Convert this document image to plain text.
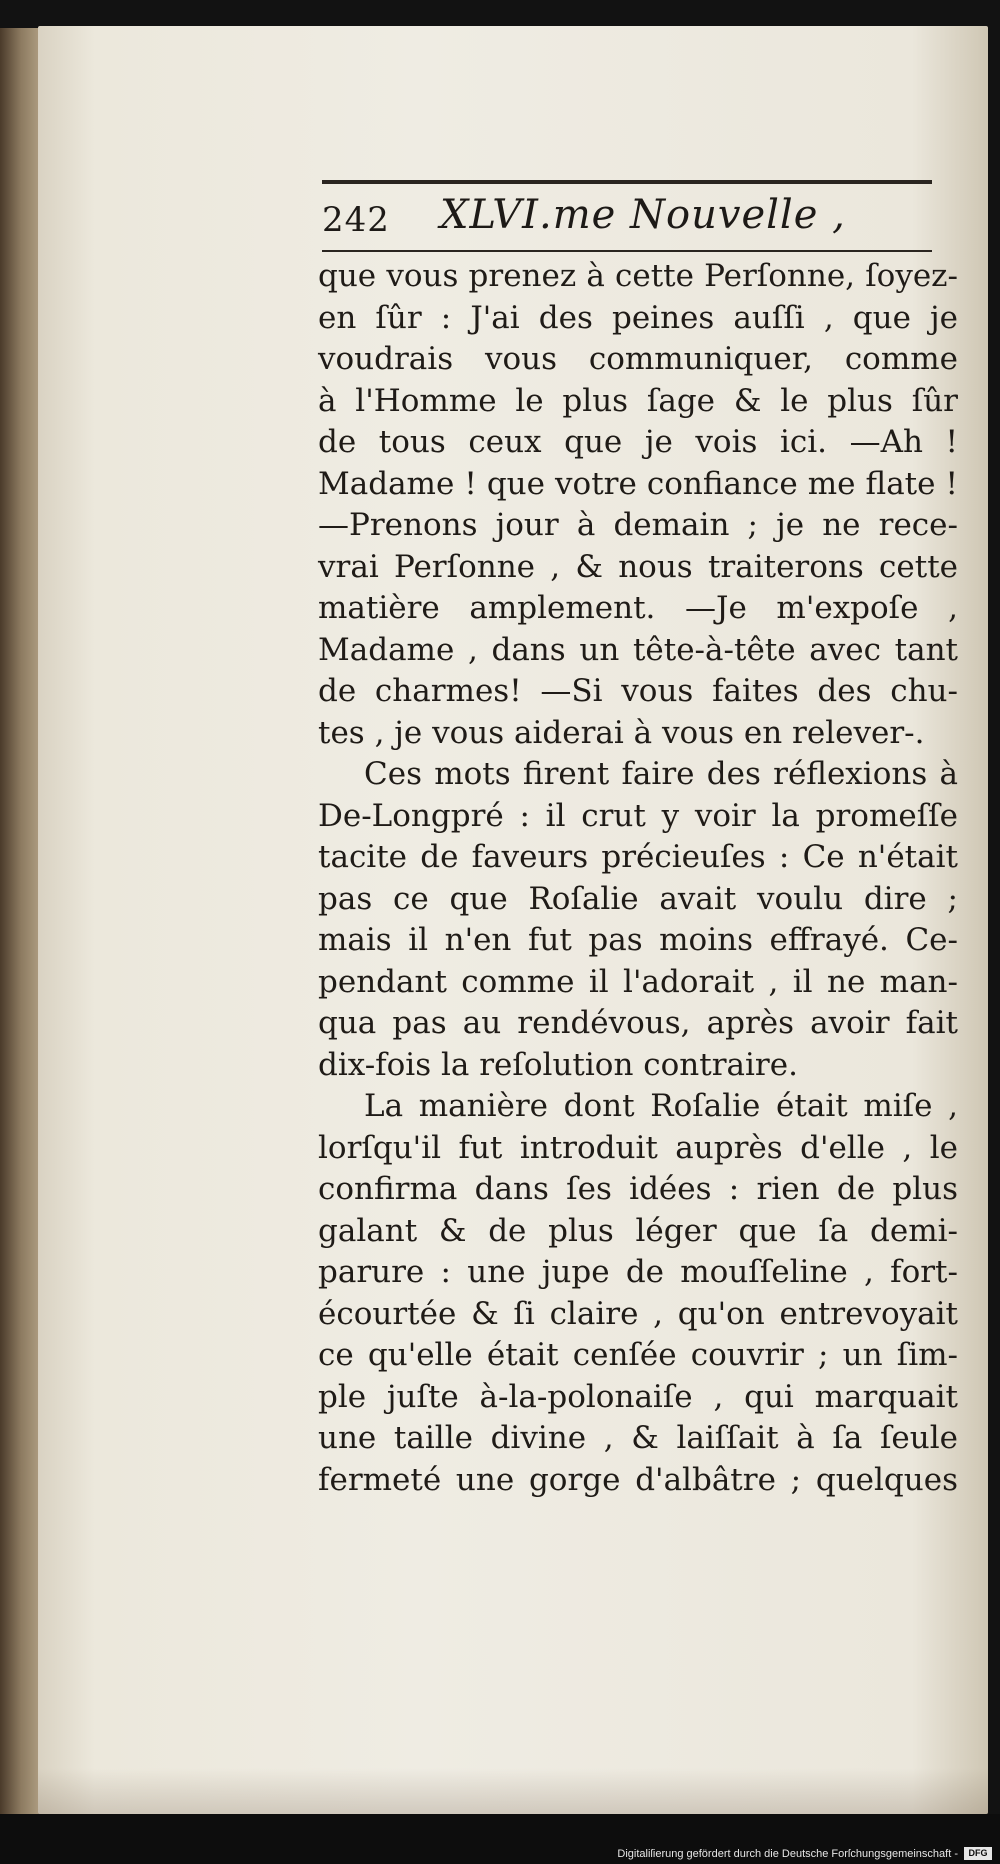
242 XLVI.me Nouvelle ,
que vous prenez à cette Perſonne, ſoyez-
en ſûr : J'ai des peines auſſi , que je
voudrais vous communiquer, comme
à l'Homme le plus ſage & le plus ſûr
de tous ceux que je vois ici. —Ah !
Madame ! que votre confiance me flate !
—Prenons jour à demain ; je ne rece-
vrai Perſonne , & nous traiterons cette
matière amplement. —Je m'expoſe ,
Madame , dans un tête-à-tête avec tant
de charmes! —Si vous faites des chu-
tes , je vous aiderai à vous en relever-.
Ces mots firent faire des réflexions à
De-Longpré : il crut y voir la promeſſe
tacite de faveurs précieuſes : Ce n'était
pas ce que Roſalie avait voulu dire ;
mais il n'en fut pas moins effrayé. Ce-
pendant comme il l'adorait , il ne man-
qua pas au rendévous, après avoir fait
dix-fois la reſolution contraire.
La manière dont Roſalie était miſe ,
lorſqu'il fut introduit auprès d'elle , le
confirma dans ſes idées : rien de plus
galant & de plus léger que ſa demi-
parure : une jupe de mouſſeline , fort-
écourtée & ſi claire , qu'on entrevoyait
ce qu'elle était cenſée couvrir ; un ſim-
ple juſte à-la-polonaiſe , qui marquait
une taille divine , & laiſſait à ſa ſeule
fermeté une gorge d'albâtre ; quelques
Digitaliſierung gefördert durch die Deutsche Forſchungsgemeinschaft -	DFG
